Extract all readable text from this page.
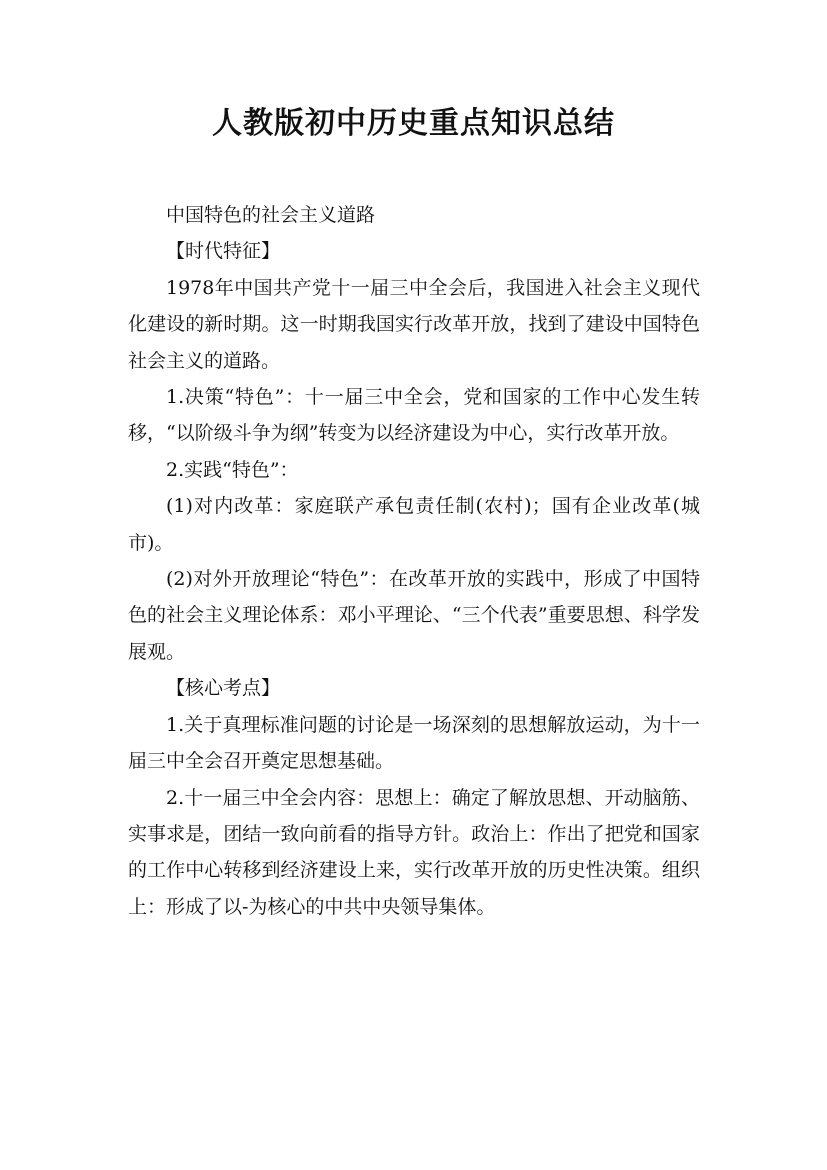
人教版初中历史重点知识总结

中国特色的社会主义道路

【时代特征】

1978年中国共产党十一届三中全会后，我国进入社会主义现代化建设的新时期。这一时期我国实行改革开放，找到了建设中国特色社会主义的道路。

1.决策“特色”：十一届三中全会，党和国家的工作中心发生转移，“以阶级斗争为纲”转变为以经济建设为中心，实行改革开放。

2.实践“特色”：

(1)对内改革：家庭联产承包责任制(农村)；国有企业改革(城市)。

(2)对外开放理论“特色”：在改革开放的实践中，形成了中国特色的社会主义理论体系：邓小平理论、“三个代表”重要思想、科学发展观。

【核心考点】

1.关于真理标准问题的讨论是一场深刻的思想解放运动，为十一届三中全会召开奠定思想基础。

2.十一届三中全会内容：思想上：确定了解放思想、开动脑筋、实事求是，团结一致向前看的指导方针。政治上：作出了把党和国家的工作中心转移到经济建设上来，实行改革开放的历史性决策。组织上：形成了以-为核心的中共中央领导集体。
